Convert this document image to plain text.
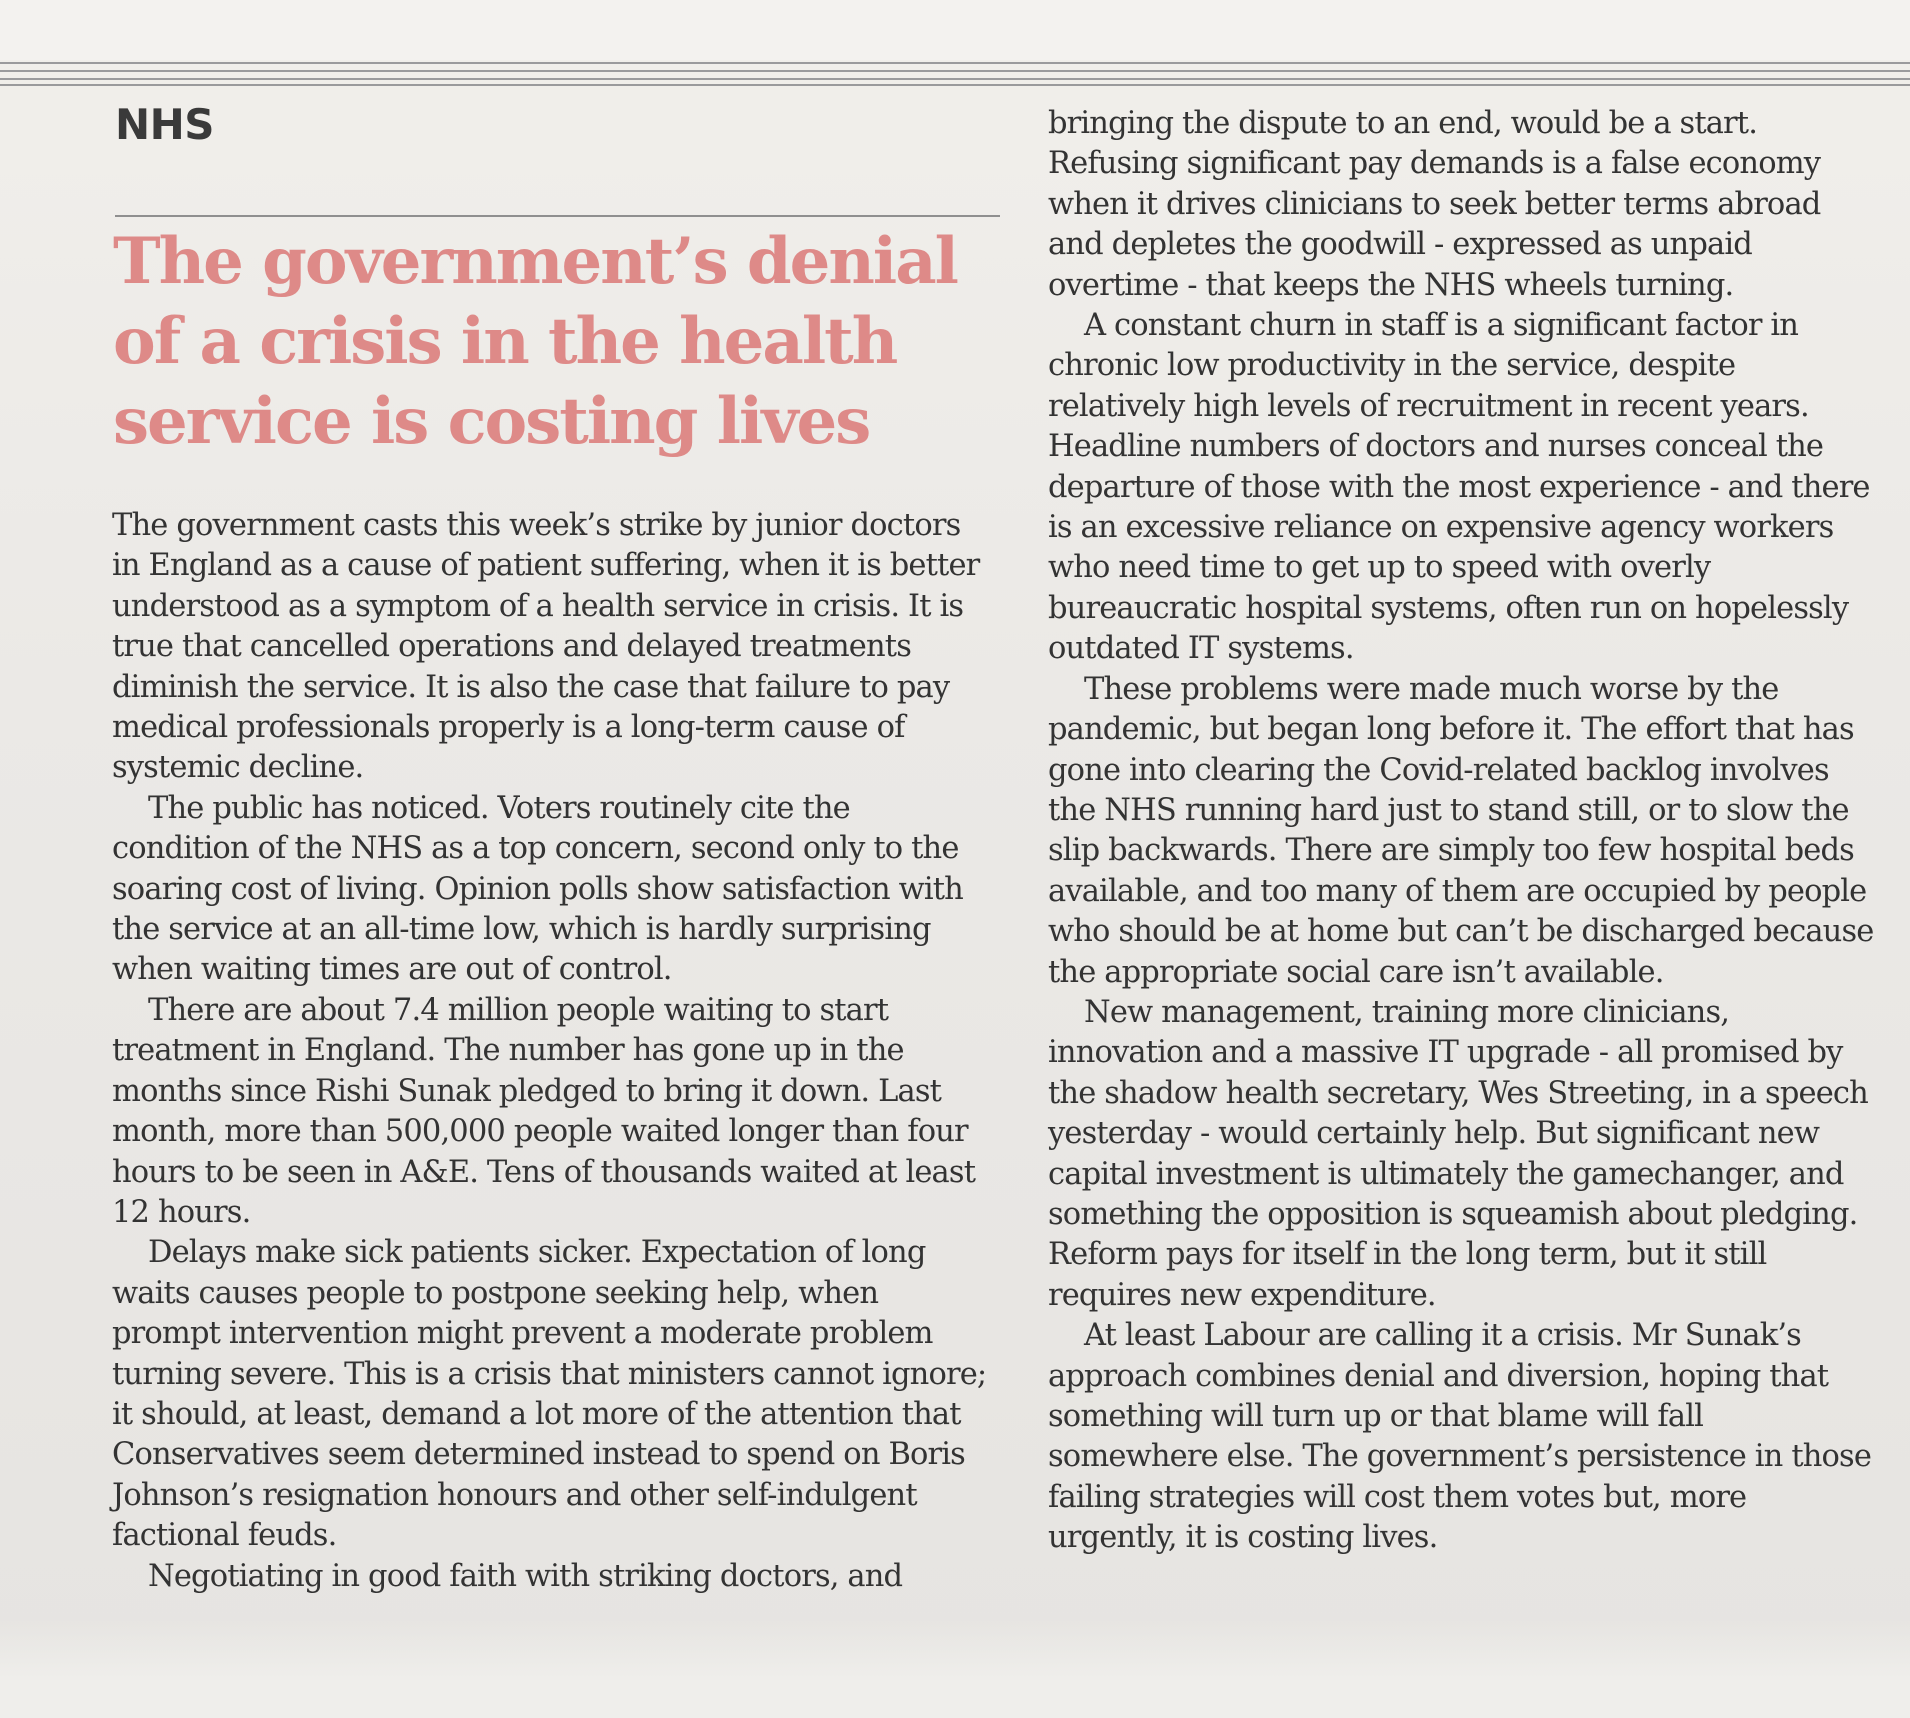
NHS
The government’s denial of a crisis in the health service is costing lives

The government casts this week’s strike by junior doctors in England as a cause of patient suffering, when it is better understood as a symptom of a health service in crisis. It is true that cancelled operations and delayed treatments diminish the service. It is also the case that failure to pay medical professionals properly is a long-term cause of systemic decline.

The public has noticed. Voters routinely cite the condition of the NHS as a top concern, second only to the soaring cost of living. Opinion polls show satisfaction with the service at an all-time low, which is hardly surprising when waiting times are out of control.

There are about 7.4 million people waiting to start treatment in England. The number has gone up in the months since Rishi Sunak pledged to bring it down. Last month, more than 500,000 people waited longer than four hours to be seen in A&E. Tens of thousands waited at least 12 hours.

Delays make sick patients sicker. Expectation of long waits causes people to postpone seeking help, when prompt intervention might prevent a moderate problem turning severe. This is a crisis that ministers cannot ignore; it should, at least, demand a lot more of the attention that Conservatives seem determined instead to spend on Boris Johnson’s resignation honours and other self-indulgent factional feuds.

Negotiating in good faith with striking doctors, and

bringing the dispute to an end, would be a start. Refusing significant pay demands is a false economy when it drives clinicians to seek better terms abroad and depletes the goodwill - expressed as unpaid overtime - that keeps the NHS wheels turning.

A constant churn in staff is a significant factor in chronic low productivity in the service, despite relatively high levels of recruitment in recent years. Headline numbers of doctors and nurses conceal the departure of those with the most experience - and there is an excessive reliance on expensive agency workers who need time to get up to speed with overly bureaucratic hospital systems, often run on hopelessly outdated IT systems.

These problems were made much worse by the pandemic, but began long before it. The effort that has gone into clearing the Covid-related backlog involves the NHS running hard just to stand still, or to slow the slip backwards. There are simply too few hospital beds available, and too many of them are occupied by people who should be at home but can’t be discharged because the appropriate social care isn’t available.

New management, training more clinicians, innovation and a massive IT upgrade - all promised by the shadow health secretary, Wes Streeting, in a speech yesterday - would certainly help. But significant new capital investment is ultimately the gamechanger, and something the opposition is squeamish about pledging. Reform pays for itself in the long term, but it still requires new expenditure.

At least Labour are calling it a crisis. Mr Sunak’s approach combines denial and diversion, hoping that something will turn up or that blame will fall somewhere else. The government’s persistence in those failing strategies will cost them votes but, more urgently, it is costing lives.
